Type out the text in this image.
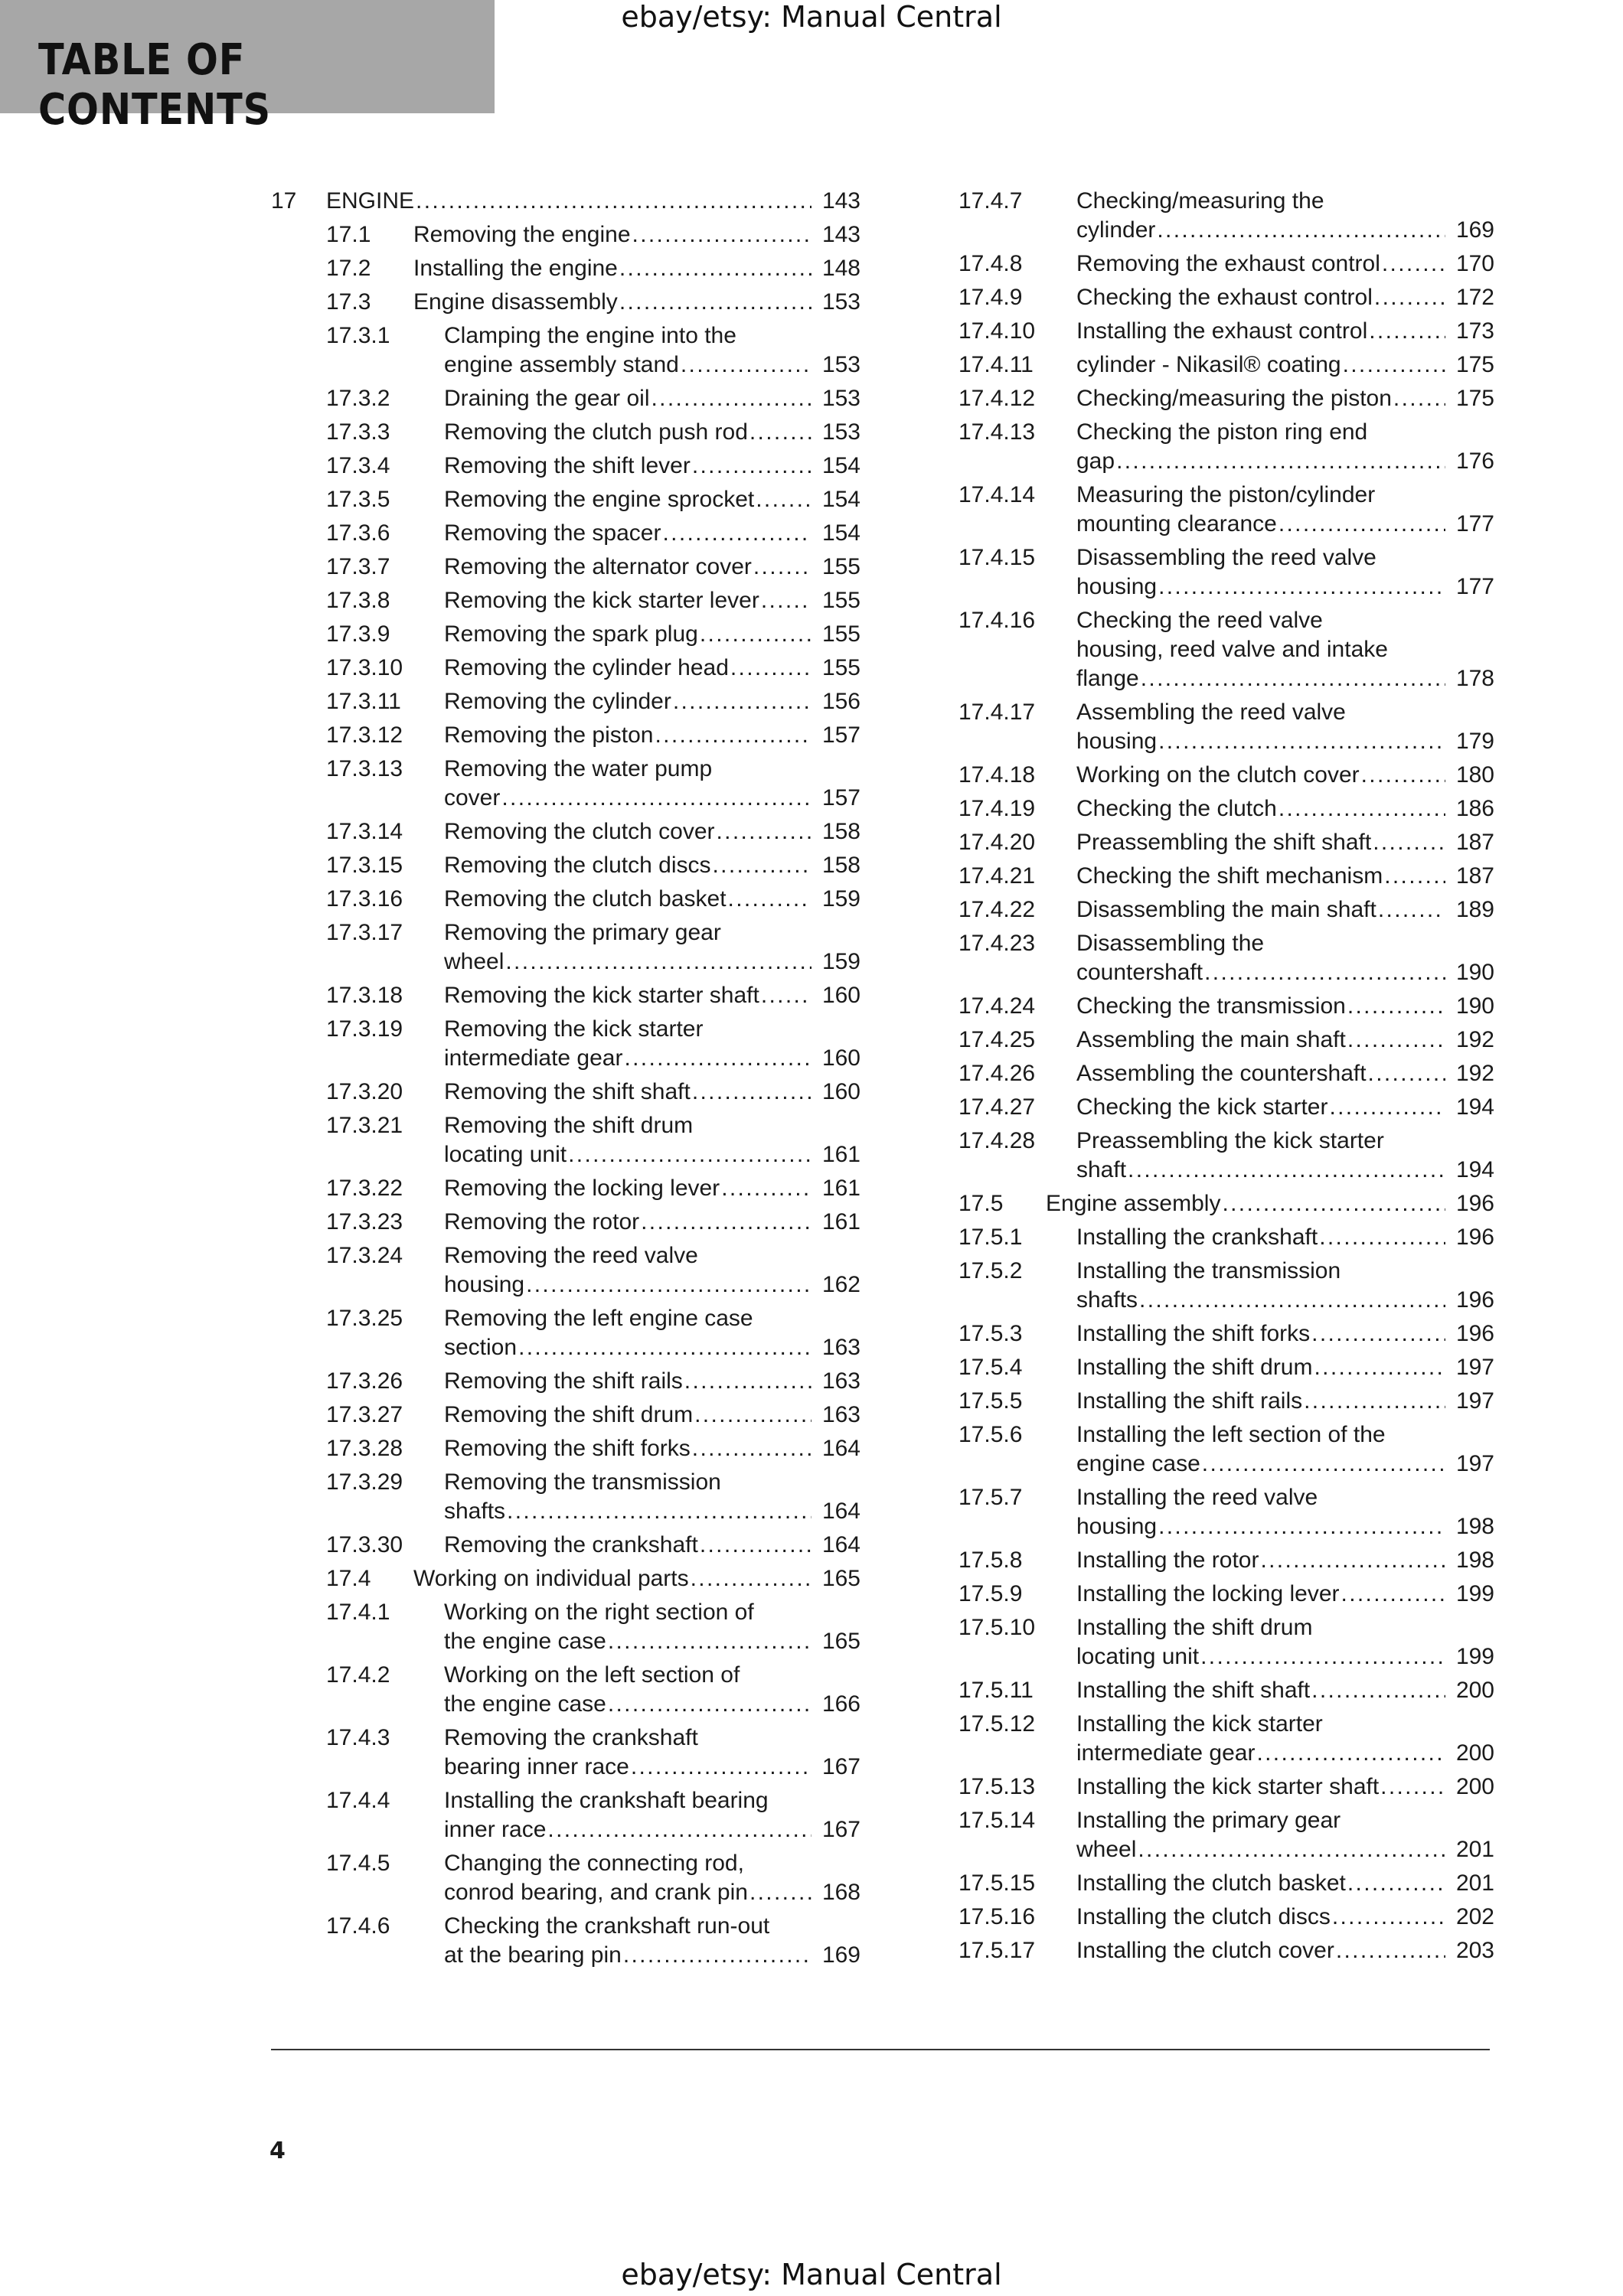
ebay/etsy: Manual Central
TABLE OF CONTENTS
17 ENGINE . . .	143
17.1 Removing the engine . . .	143
17.2 Installing the engine . . .	148
17.3 Engine disassembly . . .	153
17.3.1 Clamping the engine into the
engine assembly stand . . .	153
17.3.2 Draining the gear oil . . .	153
17.3.3 Removing the clutch push rod . . .	153
17.3.4 Removing the shift lever . . .	154
17.3.5 Removing the engine sprocket . . .	154
17.3.6 Removing the spacer . . .	154
17.3.7 Removing the alternator cover . . .	155
17.3.8 Removing the kick starter lever . . .	155
17.3.9 Removing the spark plug . . .	155
17.3.10 Removing the cylinder head . . .	155
17.3.11 Removing the cylinder . . .	156
17.3.12 Removing the piston . . .	157
17.3.13 Removing the water pump
cover . . .	157
17.3.14 Removing the clutch cover . . .	158
17.3.15 Removing the clutch discs . . .	158
17.3.16 Removing the clutch basket . . .	159
17.3.17 Removing the primary gear
wheel . . .	159
17.3.18 Removing the kick starter shaft . . .	160
17.3.19 Removing the kick starter
intermediate gear . . .	160
17.3.20 Removing the shift shaft . . .	160
17.3.21 Removing the shift drum
locating unit . . .	161
17.3.22 Removing the locking lever . . .	161
17.3.23 Removing the rotor . . .	161
17.3.24 Removing the reed valve
housing . . .	162
17.3.25 Removing the left engine case
section . . .	163
17.3.26 Removing the shift rails . . .	163
17.3.27 Removing the shift drum . . .	163
17.3.28 Removing the shift forks . . .	164
17.3.29 Removing the transmission
shafts . . .	164
17.3.30 Removing the crankshaft . . .	164
17.4 Working on individual parts . . .	165
17.4.1 Working on the right section of
the engine case . . .	165
17.4.2 Working on the left section of
the engine case . . .	166
17.4.3 Removing the crankshaft
bearing inner race . . .	167
17.4.4 Installing the crankshaft bearing
inner race . . .	167
17.4.5 Changing the connecting rod,
conrod bearing, and crank pin . . .	168
17.4.6 Checking the crankshaft run-out
at the bearing pin . . .	169
17.4.7 Checking/measuring the
cylinder . . .	169
17.4.8 Removing the exhaust control . . .	170
17.4.9 Checking the exhaust control . . .	172
17.4.10 Installing the exhaust control . . .	173
17.4.11 cylinder - Nikasil® coating . . .	175
17.4.12 Checking/measuring the piston . . .	175
17.4.13 Checking the piston ring end
gap . . .	176
17.4.14 Measuring the piston/cylinder
mounting clearance . . .	177
17.4.15 Disassembling the reed valve
housing . . .	177
17.4.16 Checking the reed valve
housing, reed valve and intake
flange . . .	178
17.4.17 Assembling the reed valve
housing . . .	179
17.4.18 Working on the clutch cover . . .	180
17.4.19 Checking the clutch . . .	186
17.4.20 Preassembling the shift shaft . . .	187
17.4.21 Checking the shift mechanism . . .	187
17.4.22 Disassembling the main shaft . . .	189
17.4.23 Disassembling the
countershaft . . .	190
17.4.24 Checking the transmission . . .	190
17.4.25 Assembling the main shaft . . .	192
17.4.26 Assembling the countershaft . . .	192
17.4.27 Checking the kick starter . . .	194
17.4.28 Preassembling the kick starter
shaft . . .	194
17.5 Engine assembly . . .	196
17.5.1 Installing the crankshaft . . .	196
17.5.2 Installing the transmission
shafts . . .	196
17.5.3 Installing the shift forks . . .	196
17.5.4 Installing the shift drum . . .	197
17.5.5 Installing the shift rails . . .	197
17.5.6 Installing the left section of the
engine case . . .	197
17.5.7 Installing the reed valve
housing . . .	198
17.5.8 Installing the rotor . . .	198
17.5.9 Installing the locking lever . . .	199
17.5.10 Installing the shift drum
locating unit . . .	199
17.5.11 Installing the shift shaft . . .	200
17.5.12 Installing the kick starter
intermediate gear . . .	200
17.5.13 Installing the kick starter shaft . . .	200
17.5.14 Installing the primary gear
wheel . . .	201
17.5.15 Installing the clutch basket . . .	201
17.5.16 Installing the clutch discs . . .	202
17.5.17 Installing the clutch cover . . .	203
4
ebay/etsy: Manual Central
